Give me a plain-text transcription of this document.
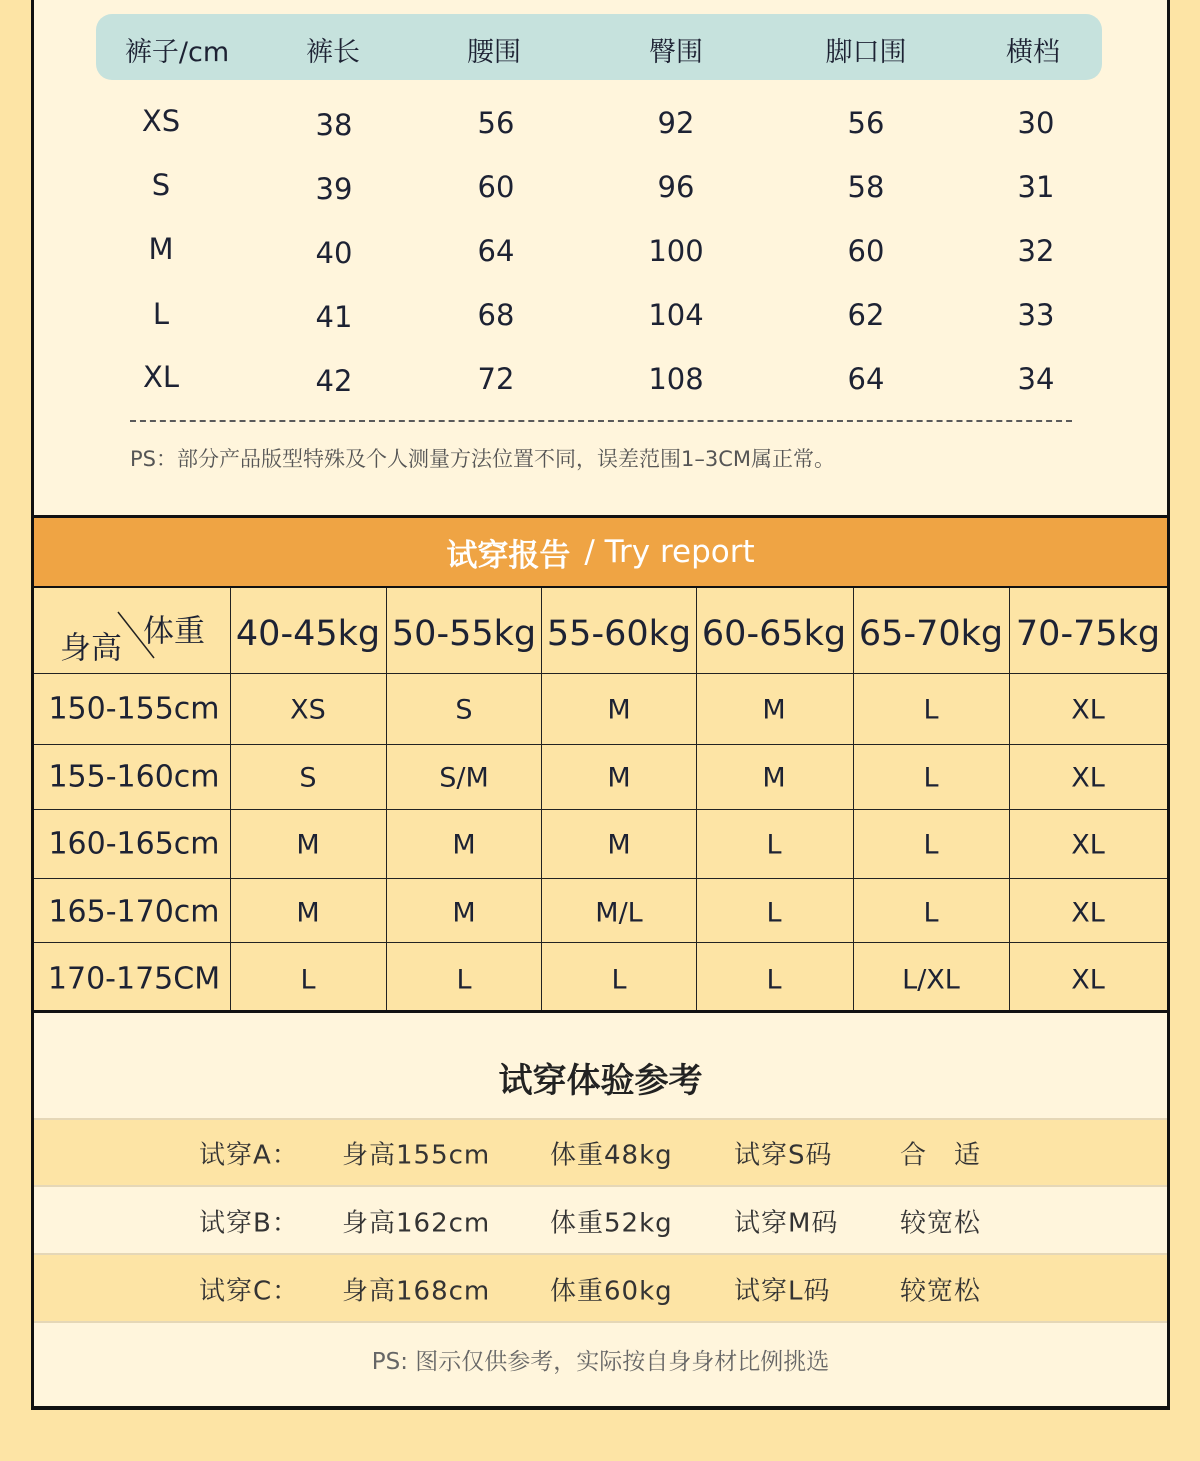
裤子/cm	裤长	腰围	臀围	脚口围	横档
XS	38	56	92	56	30
S	39	60	96	58	31
M	40	64	100	60	32
L	41	68	104	62	33
XL	42	72	108	64	34
PS：部分产品版型特殊及个人测量方法位置不同，误差范围1–3CM属正常。
试穿报告 / Try report
身高 体重 40-45kg 50-55kg 55-60kg 60-65kg 65-70kg 70-75kg
150-155cm	XS	S	M	M	L	XL
155-160cm	S	S/M	M	M	L	XL
160-165cm	M	M	M	L	L	XL
165-170cm	M	M	M/L	L	L	XL
170-175CM	L	L	L	L	L/XL	XL
试穿体验参考
试穿A： 身高155cm 体重48kg 试穿S码	合　适
试穿B： 身高162cm 体重52kg 试穿M码 较宽松
试穿C： 身高168cm 体重60kg 试穿L码	较宽松
PS: 图示仅供参考，实际按自身身材比例挑选
